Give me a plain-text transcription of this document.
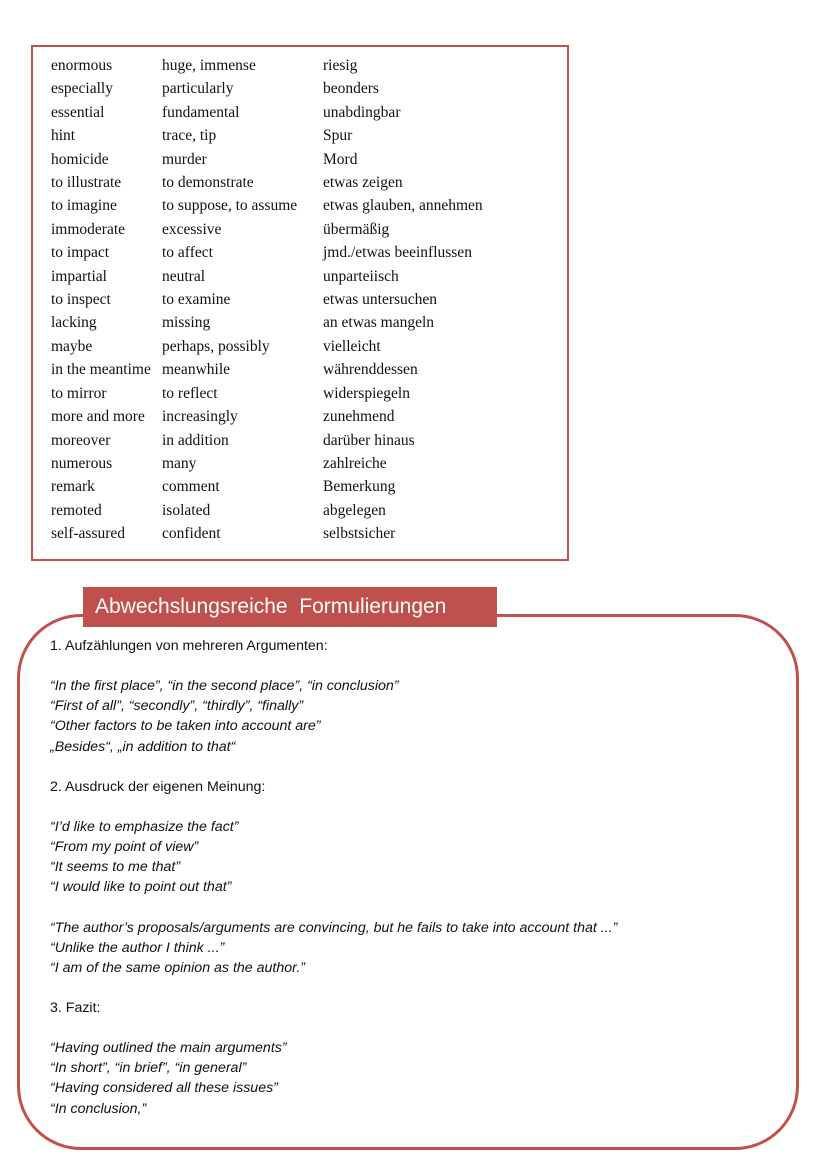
enormous	huge, immense	riesig
especially	particularly	beonders
essential	fundamental	unabdingbar
hint	trace, tip	Spur
homicide	murder	Mord
to illustrate	to demonstrate	etwas zeigen
to imagine	to suppose, to assume	etwas glauben, annehmen
immoderate	excessive	übermäßig
to impact	to affect	jmd./etwas beeinflussen
impartial	neutral	unparteiisch
to inspect	to examine	etwas untersuchen
lacking	missing	an etwas mangeln
maybe	perhaps, possibly	vielleicht
in the meantime	meanwhile	währenddessen
to mirror	to reflect	widerspiegeln
more and more	increasingly	zunehmend
moreover	in addition	darüber hinaus
numerous	many	zahlreiche
remark	comment	Bemerkung
remoted	isolated	abgelegen
self-assured	confident	selbstsicher
Abwechslungsreiche  Formulierungen
1. Aufzählungen von mehreren Argumenten:
“In the first place”, “in the second place”, “in conclusion”
“First of all”, “secondly”, “thirdly”, “finally”
“Other factors to be taken into account are”
„Besides“, „in addition to that“
2. Ausdruck der eigenen Meinung:
“I’d like to emphasize the fact”
“From my point of view”
“It seems to me that”
“I would like to point out that”
“The author’s proposals/arguments are convincing, but he fails to take into account that ...”
“Unlike the author I think ...”
“I am of the same opinion as the author.”
3. Fazit:
“Having outlined the main arguments”
“In short”, “in brief”, “in general”
“Having considered all these issues”
“In conclusion,”
